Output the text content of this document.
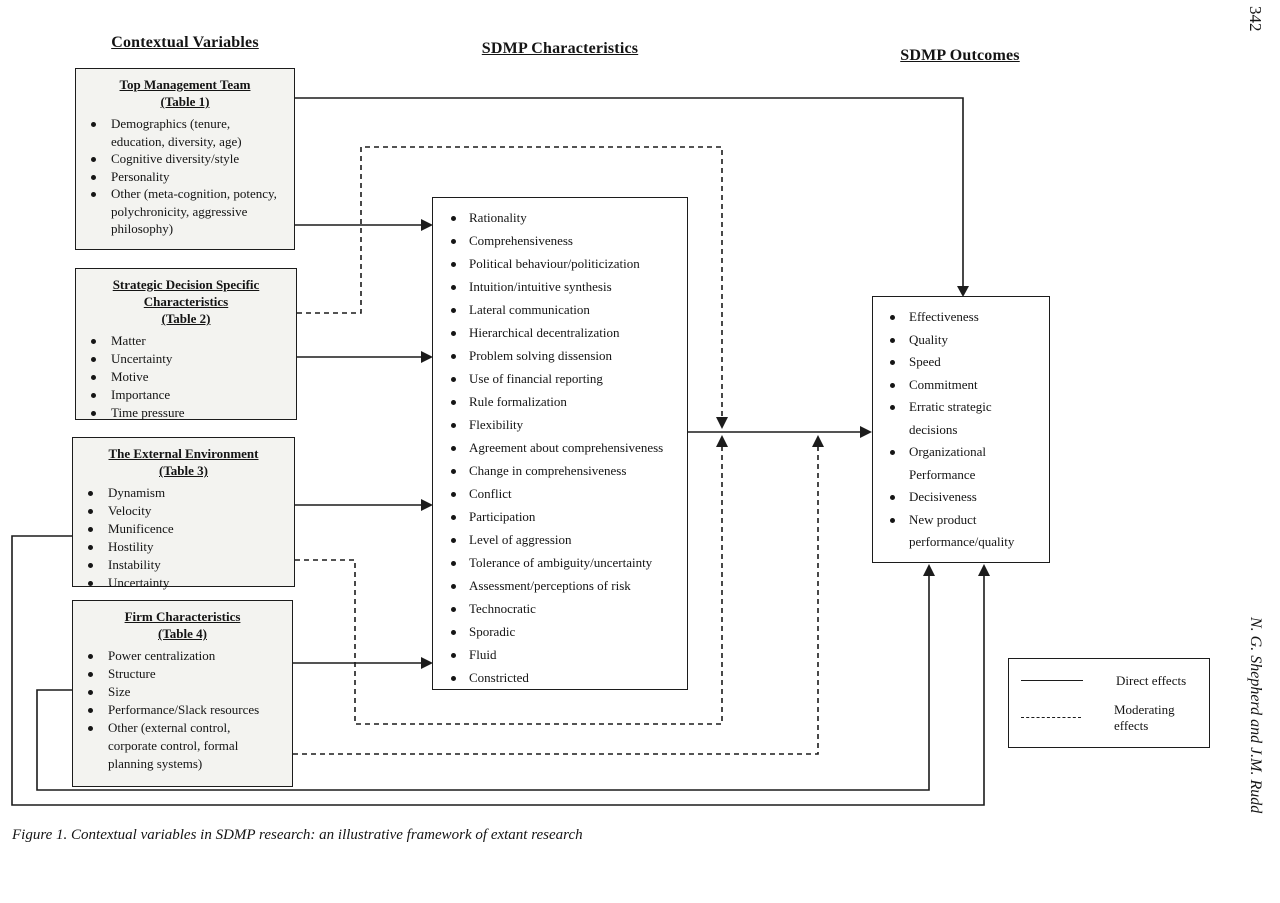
Contextual Variables	SDMP Characteristics	SDMP Outcomes
Top Management Team
(Table 1)
Demographics (tenure, education, diversity, age)
Cognitive diversity/style
Personality
Other (meta-cognition, potency, polychronicity, aggressive philosophy)
Strategic Decision Specific
Characteristics
(Table 2)
Matter
Uncertainty
Motive
Importance
Time pressure
The External Environment
(Table 3)
Dynamism
Velocity
Munificence
Hostility
Instability
Uncertainty
Firm Characteristics
(Table 4)
Power centralization
Structure
Size
Performance/Slack resources
Other (external control, corporate control, formal planning systems)
Rationality
Comprehensiveness
Political behaviour/politicization
Intuition/intuitive synthesis
Lateral communication
Hierarchical decentralization
Problem solving dissension
Use of financial reporting
Rule formalization
Flexibility
Agreement about comprehensiveness
Change in comprehensiveness
Conflict
Participation
Level of aggression
Tolerance of ambiguity/uncertainty
Assessment/perceptions of risk
Technocratic
Sporadic
Fluid
Constricted
Effectiveness
Quality
Speed
Commitment
Erratic strategic decisions
Organizational Performance
Decisiveness
New product performance/quality
Direct effects
Moderating effects
Figure 1. Contextual variables in SDMP research: an illustrative framework of extant research
342
N. G. Shepherd and J.M. Rudd
